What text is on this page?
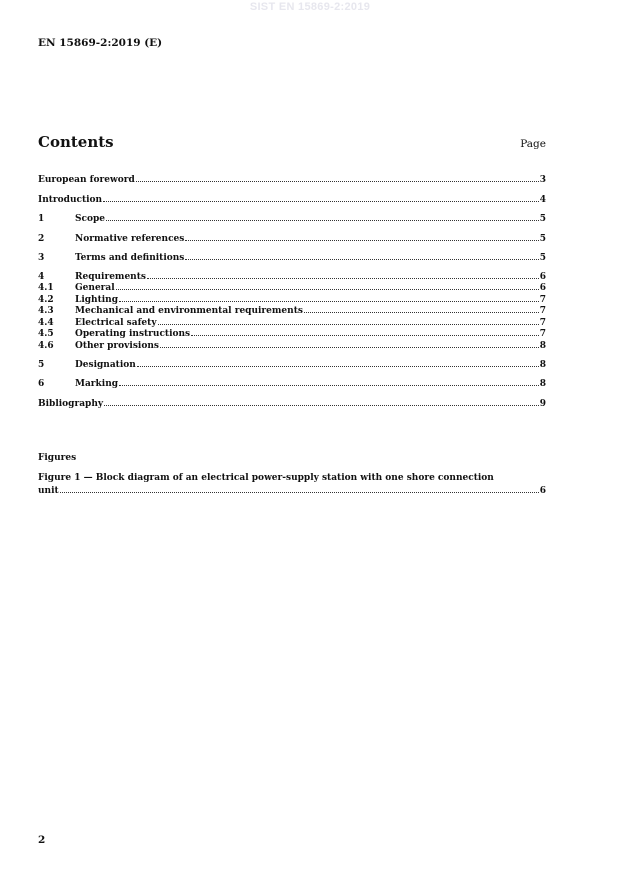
SIST EN 15869-2:2019
EN 15869-2:2019 (E)
Contents	Page
European foreword	3
Introduction	4
1	Scope	5
2	Normative references	5
3	Terms and definitions	5
4	Requirements	6
4.1	General	6
4.2	Lighting	7
4.3	Mechanical and environmental requirements	7
4.4	Electrical safety	7
4.5	Operating instructions	7
4.6	Other provisions	8
5	Designation	8
6	Marking	8
Bibliography	9
Figures
Figure 1 — Block diagram of an electrical power-supply station with one shore connection
unit	6
2
